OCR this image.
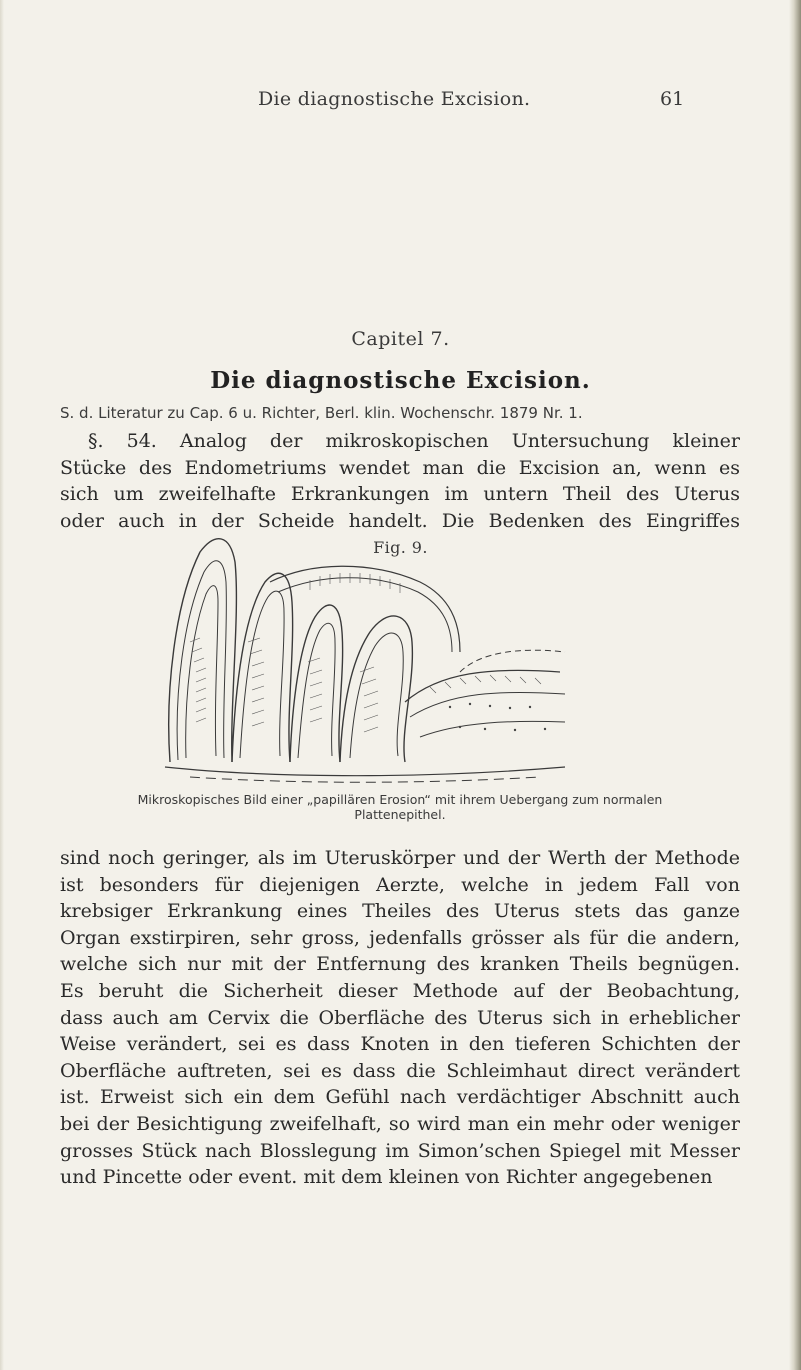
Die diagnostische Excision.	61
Capitel 7.
Die diagnostische Excision.
S. d. Literatur zu Cap. 6 u. Richter, Berl. klin. Wochenschr. 1879 Nr. 1.
§. 54. Analog der mikroskopischen Untersuchung kleiner
Stücke des Endometriums wendet man die Excision an, wenn es
sich um zweifelhafte Erkrankungen im untern Theil des Uterus
oder auch in der Scheide handelt. Die Bedenken des Eingriffes
Fig. 9.
Mikroskopisches Bild einer „papillären Erosion“ mit ihrem Uebergang zum normalen
Plattenepithel.
sind noch geringer, als im Uteruskörper und der Werth der Methode
ist besonders für diejenigen Aerzte, welche in jedem Fall von
krebsiger Erkrankung eines Theiles des Uterus stets das ganze
Organ exstirpiren, sehr gross, jedenfalls grösser als für die andern,
welche sich nur mit der Entfernung des kranken Theils begnügen.
Es beruht die Sicherheit dieser Methode auf der Beobachtung,
dass auch am Cervix die Oberfläche des Uterus sich in erheblicher
Weise verändert, sei es dass Knoten in den tieferen Schichten der
Oberfläche auftreten, sei es dass die Schleimhaut direct verändert
ist. Erweist sich ein dem Gefühl nach verdächtiger Abschnitt auch
bei der Besichtigung zweifelhaft, so wird man ein mehr oder weniger
grosses Stück nach Blosslegung im Simon’schen Spiegel mit Messer
und Pincette oder event. mit dem kleinen von Richter angegebenen
